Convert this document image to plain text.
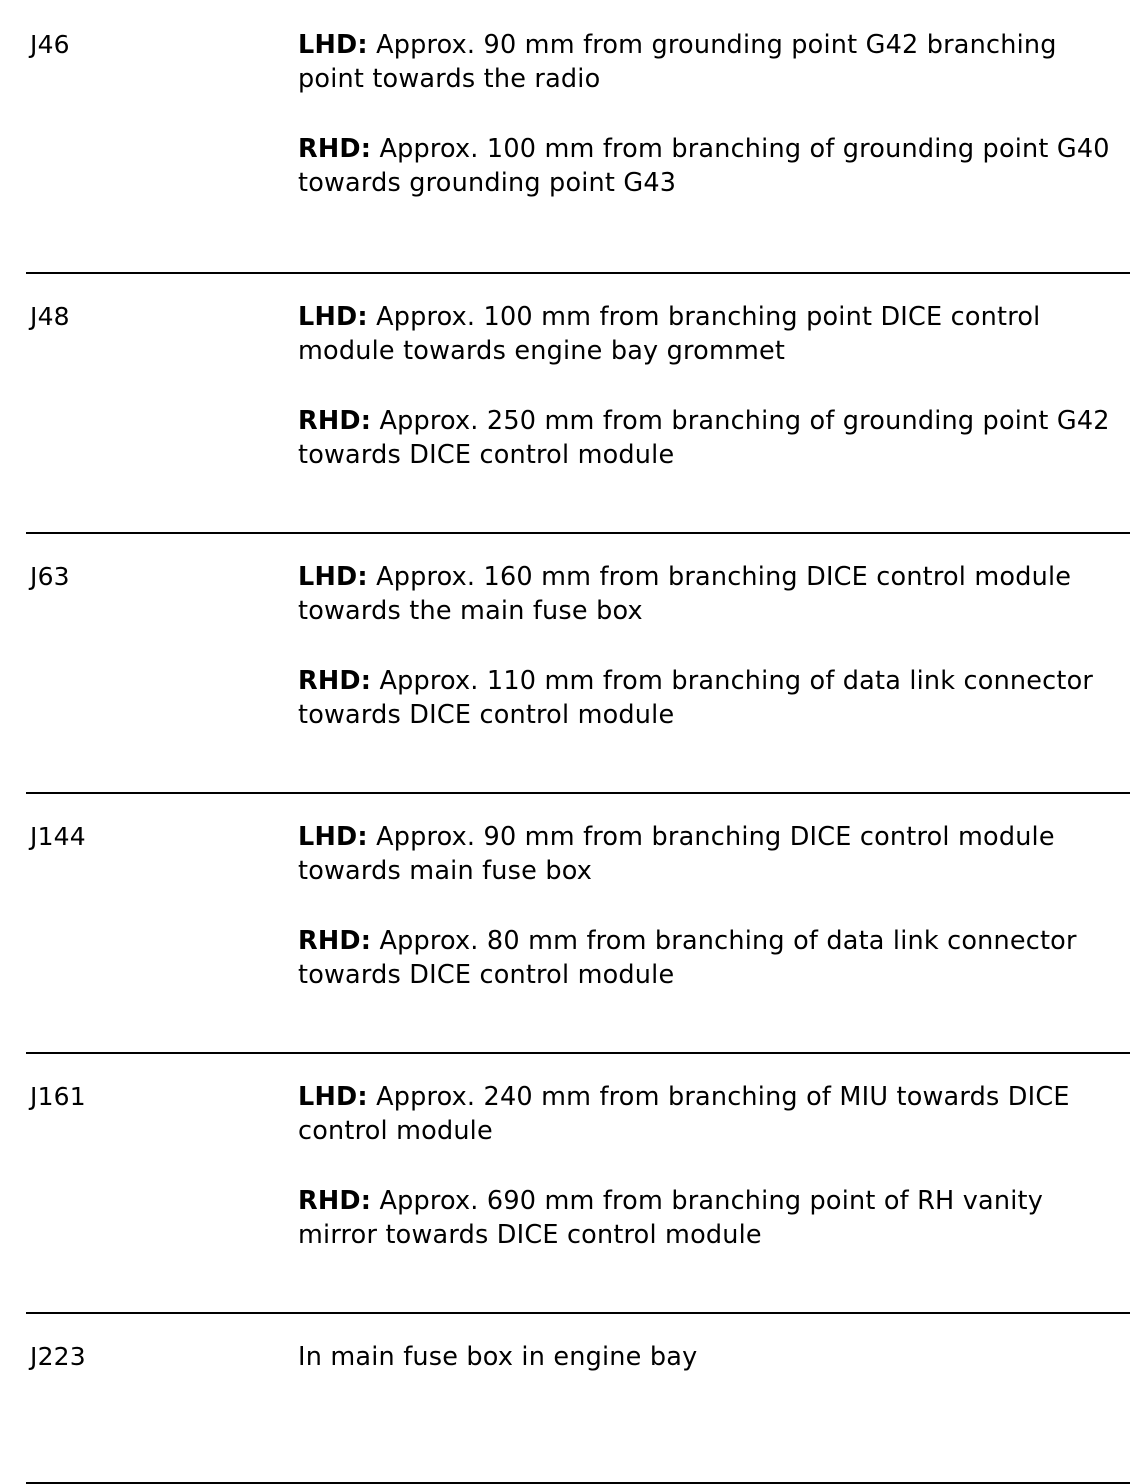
J46	LHD: Approx. 90 mm from grounding point G42 branching point towards the radio

RHD: Approx. 100 mm from branching of grounding point G40 towards grounding point G43

J48	LHD: Approx. 100 mm from branching point DICE control module towards engine bay grommet

RHD: Approx. 250 mm from branching of grounding point G42 towards DICE control module

J63	LHD: Approx. 160 mm from branching DICE control module towards the main fuse box

RHD: Approx. 110 mm from branching of data link connector towards DICE control module

J144	LHD: Approx. 90 mm from branching DICE control module towards main fuse box

RHD: Approx. 80 mm from branching of data link connector towards DICE control module

J161	LHD: Approx. 240 mm from branching of MIU towards DICE control module

RHD: Approx. 690 mm from branching point of RH vanity mirror towards DICE control module

J223	In main fuse box in engine bay
